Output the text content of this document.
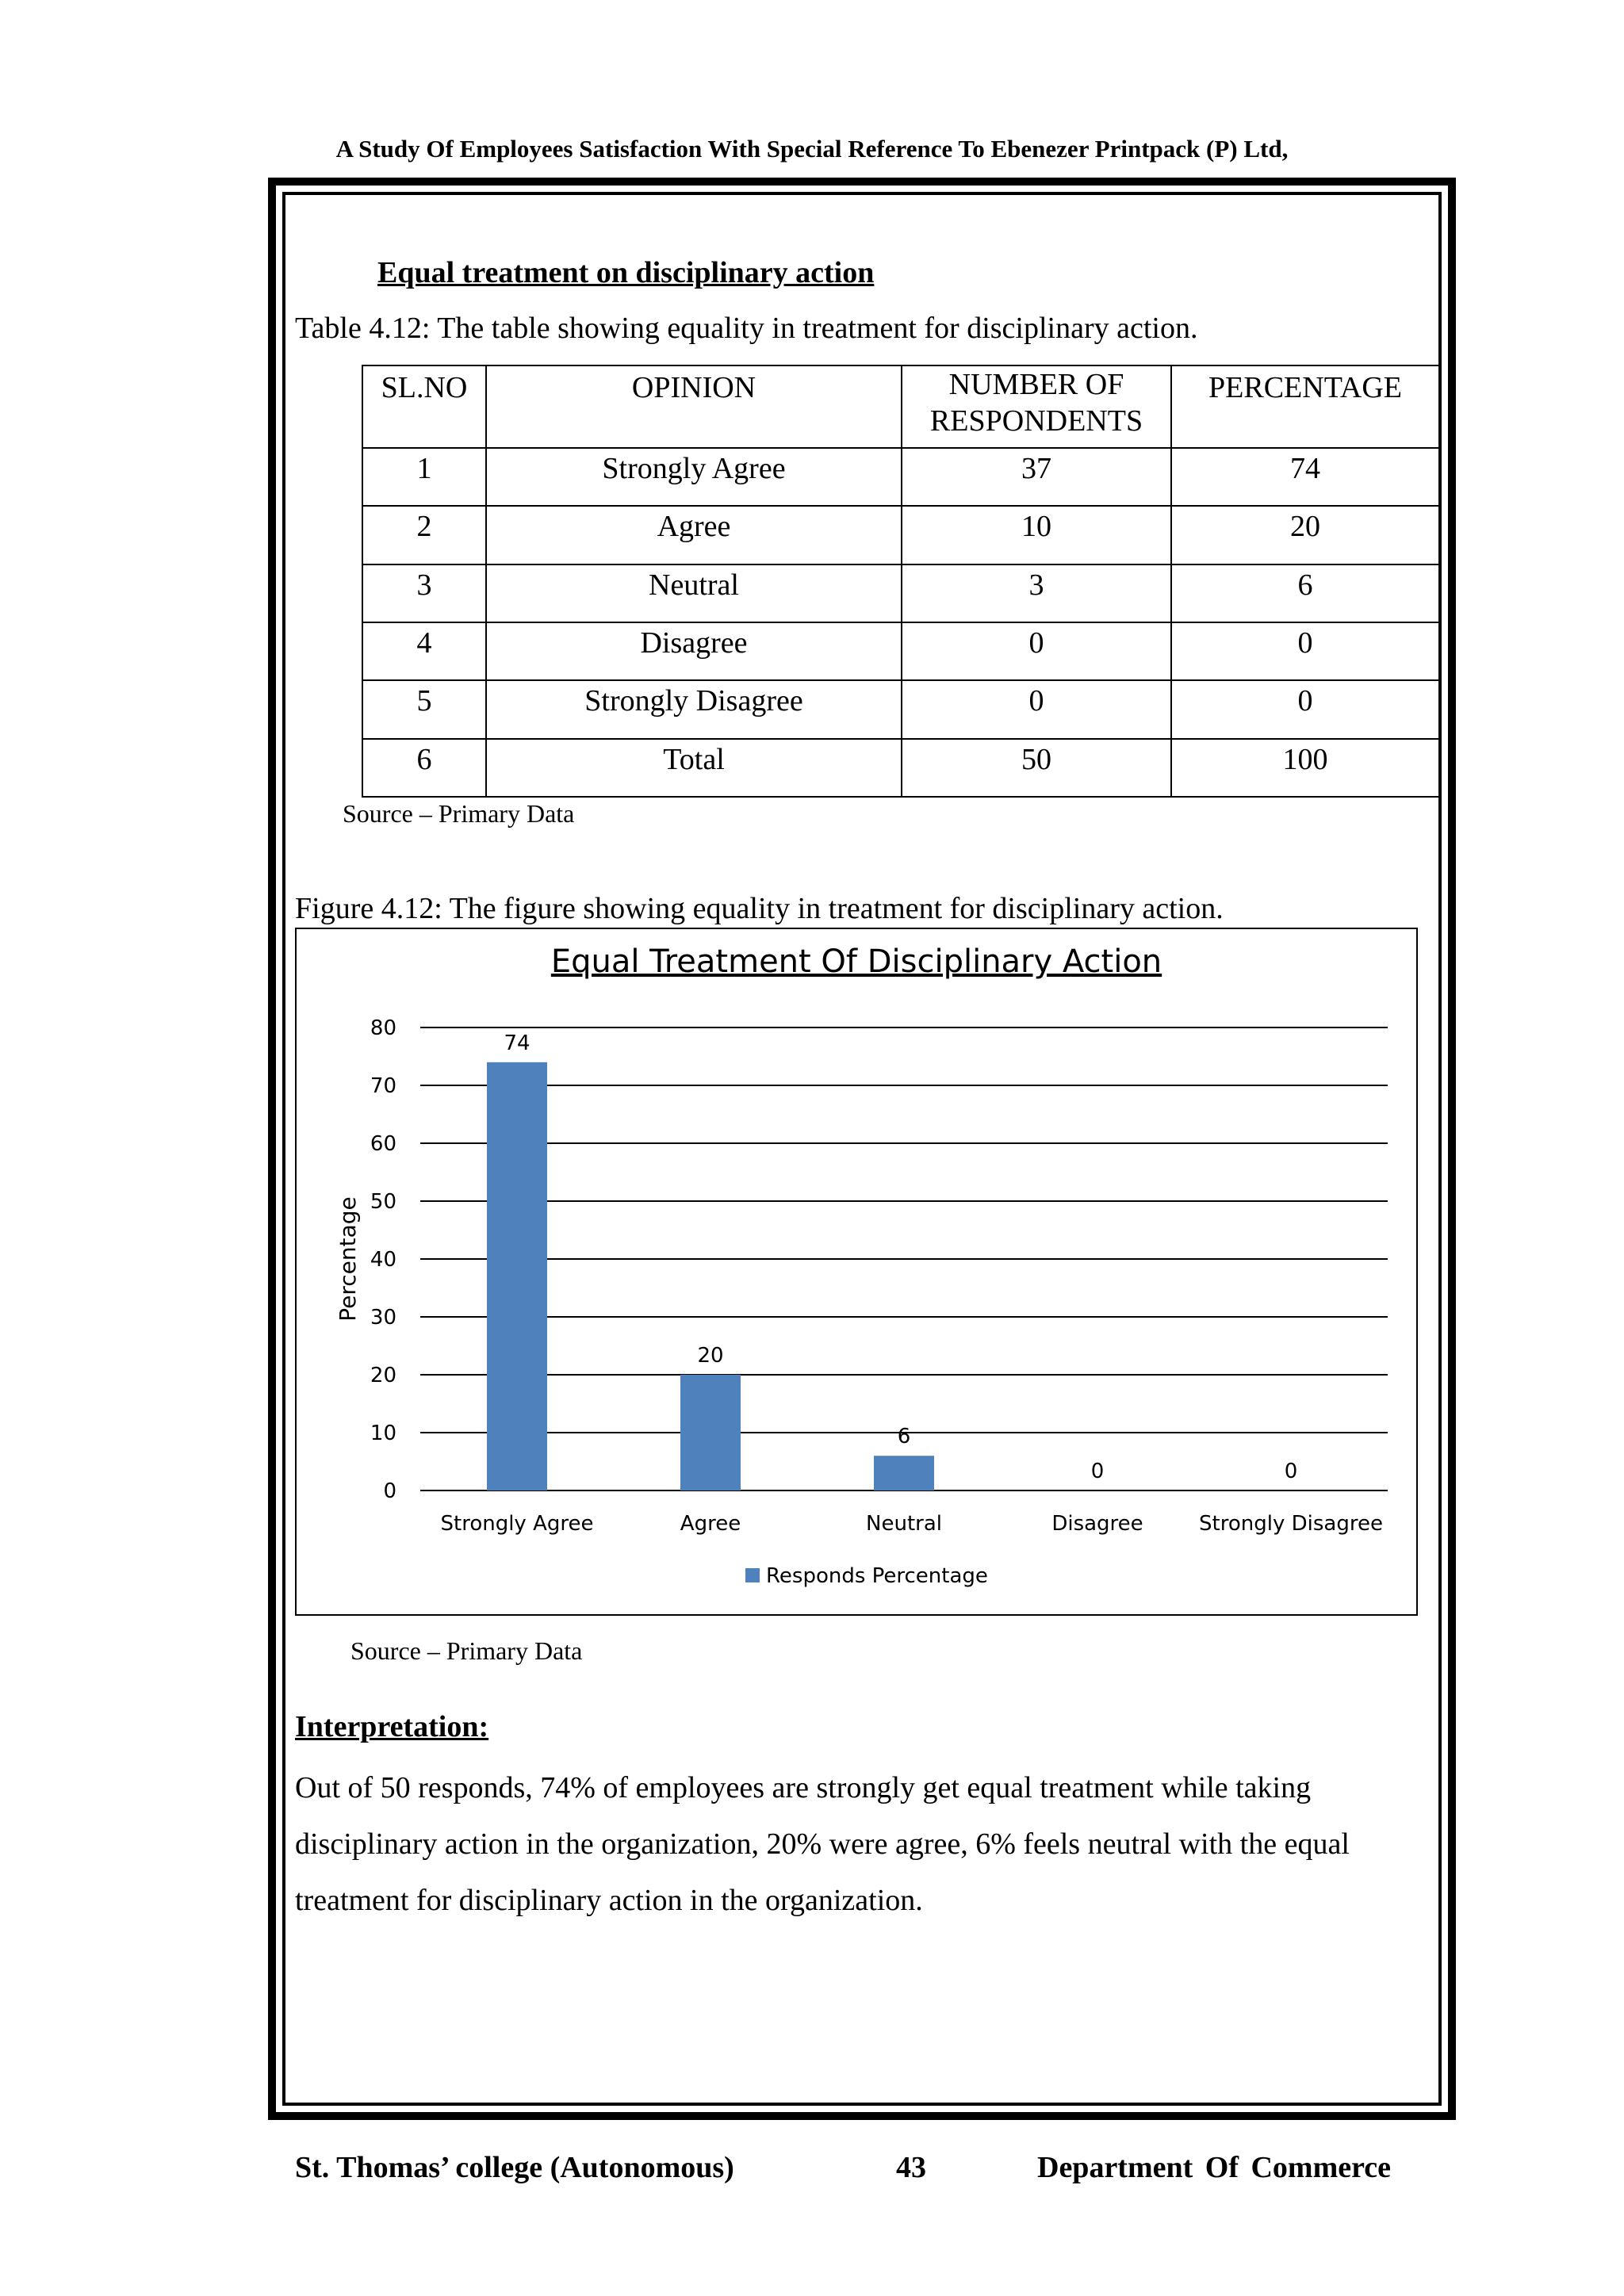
A Study Of Employees Satisfaction With Special Reference To Ebenezer Printpack (P) Ltd,
Equal treatment on disciplinary action
Table 4.12: The table showing equality in treatment for disciplinary action.
SL.NO	OPINION	NUMBER OF RESPONDENTS	PERCENTAGE
1	Strongly Agree	37	74
2	Agree	10	20
3	Neutral	3	6
4	Disagree	0	0
5	Strongly Disagree	0	0
6	Total	50	100
Source – Primary Data
Figure 4.12: The figure showing equality in treatment for disciplinary action.
Equal Treatment Of Disciplinary Action
0
10
20
30
40
50
60
70
80
Percentage
74
Strongly Agree
20
Agree
6
Neutral
0
Disagree
0
Strongly Disagree
Responds Percentage
Source – Primary Data
Interpretation:
Out of 50 responds, 74% of employees are strongly get equal treatment while taking disciplinary action in the organization, 20% were agree, 6% feels neutral with the equal treatment for disciplinary action in the organization.
St. Thomas’ college (Autonomous)	43	Department Of Commerce
